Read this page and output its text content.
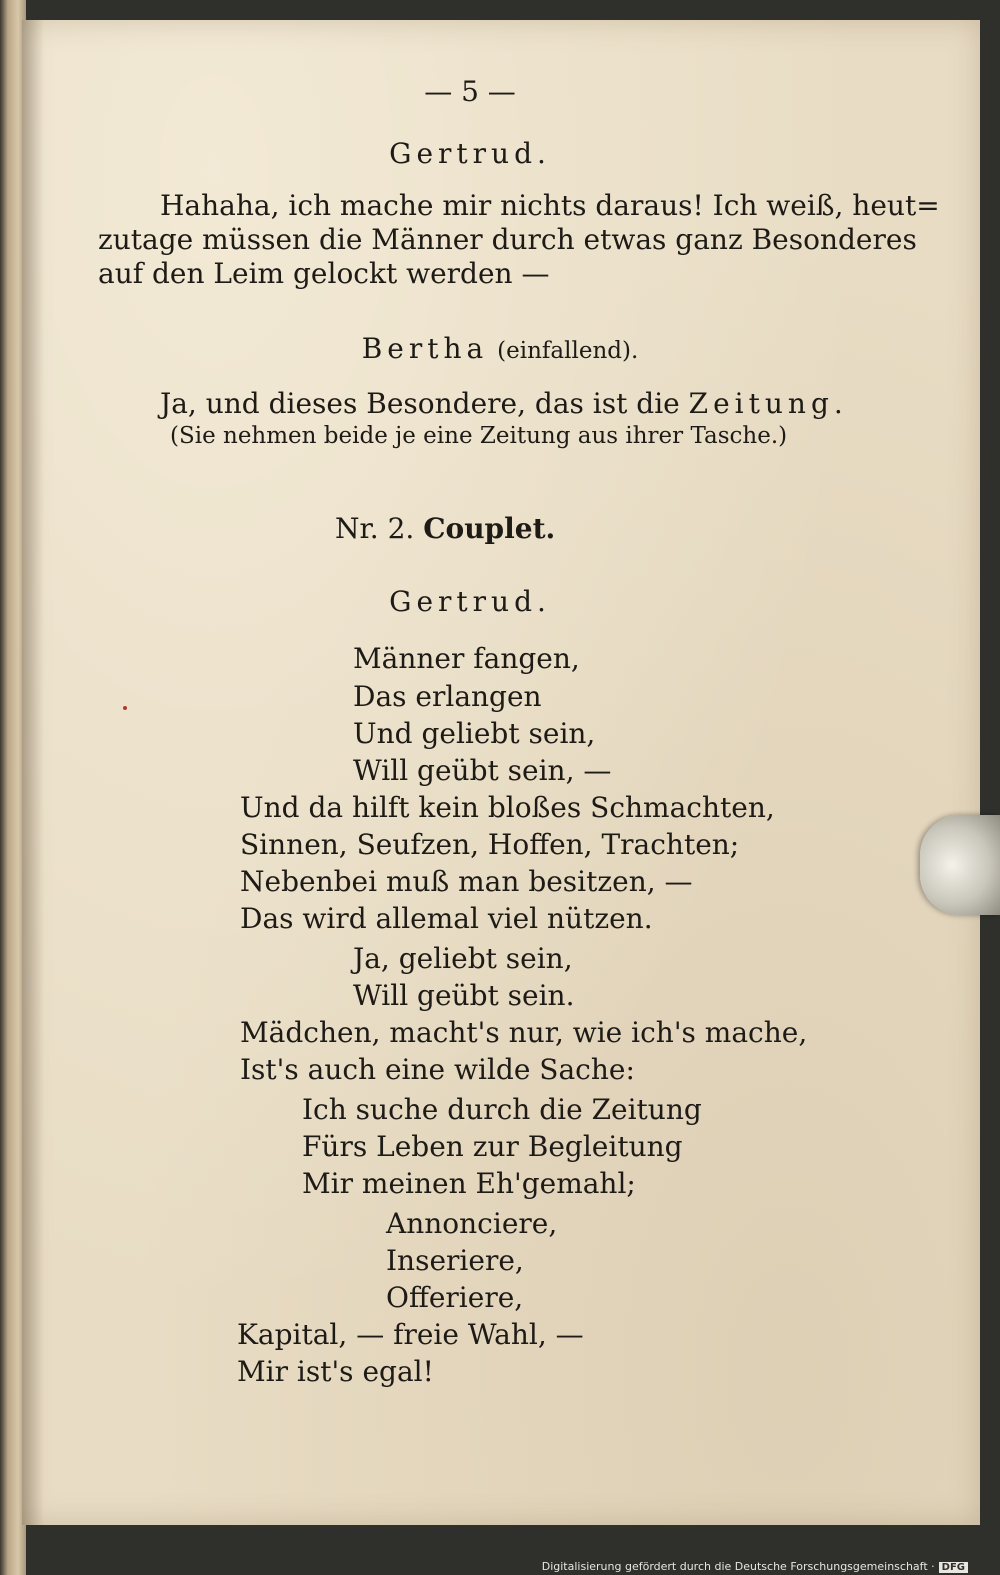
— 5 —
Gertrud.
Hahaha, ich mache mir nichts daraus! Ich weiß, heut=
zutage müssen die Männer durch etwas ganz Besonderes
auf den Leim gelockt werden —
Bertha (einfallend).
Ja, und dieses Besondere, das ist die Zeitung.
(Sie nehmen beide je eine Zeitung aus ihrer Tasche.)
Nr. 2. Couplet.
Gertrud.
Männer fangen,
Das erlangen
Und geliebt sein,
Will geübt sein, —
Und da hilft kein bloßes Schmachten,
Sinnen, Seufzen, Hoffen, Trachten;
Nebenbei muß man besitzen, —
Das wird allemal viel nützen.
Ja, geliebt sein,
Will geübt sein.
Mädchen, macht's nur, wie ich's mache,
Ist's auch eine wilde Sache:
Ich suche durch die Zeitung
Fürs Leben zur Begleitung
Mir meinen Eh'gemahl;
Annonciere,
Inseriere,
Offeriere,
Kapital, — freie Wahl, —
Mir ist's egal!
Digitalisierung gefördert durch die Deutsche Forschungsgemeinschaft · DFG
